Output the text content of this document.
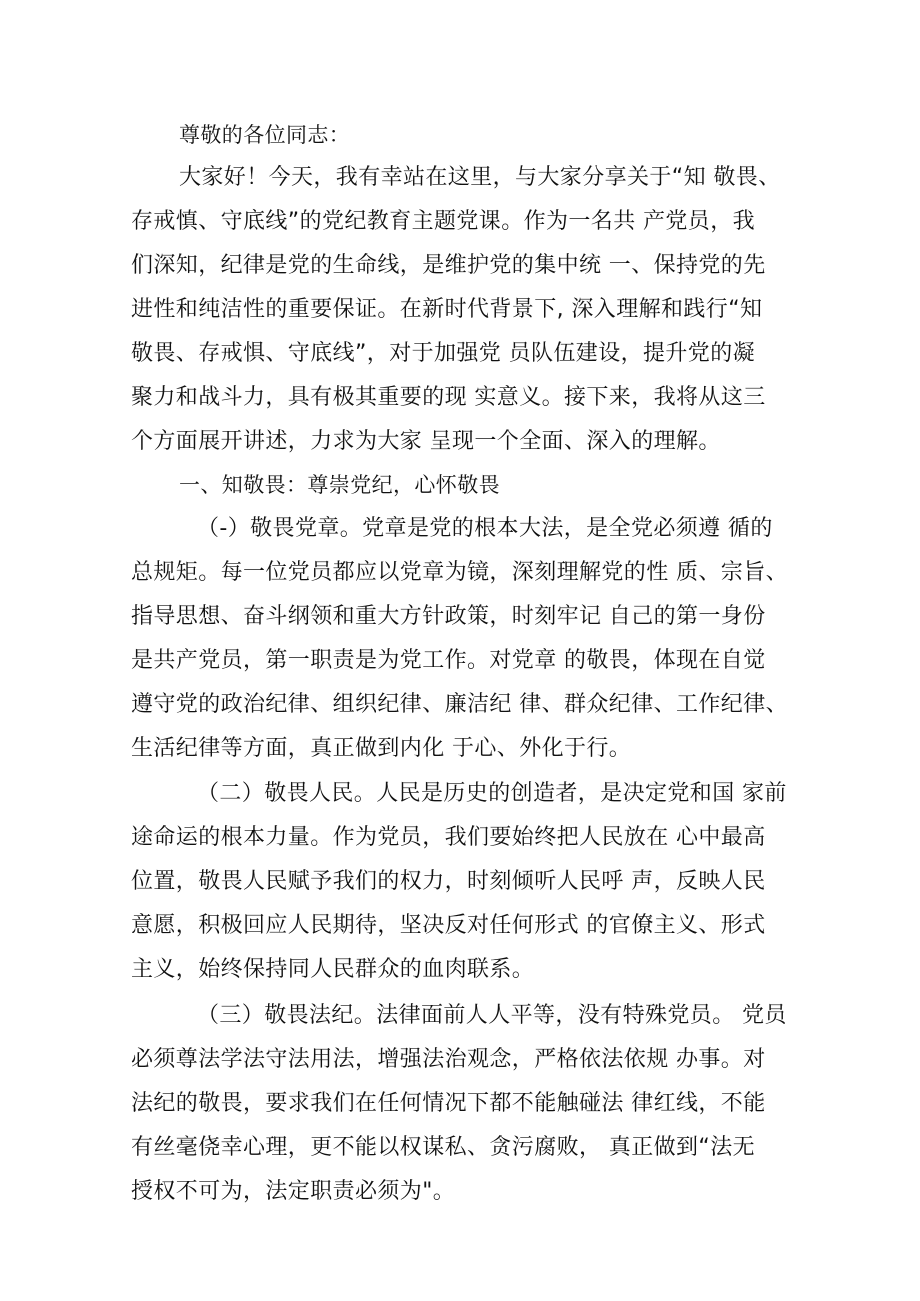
尊敬的各位同志：
大家好！今天，我有幸站在这里，与大家分享关于“知 敬畏、
存戒慎、守底线”的党纪教育主题党课。作为一名共 产党员，我
们深知，纪律是党的生命线，是维护党的集中统 一、保持党的先
进性和纯洁性的重要保证。在新时代背景下, 深入理解和践行“知
敬畏、存戒惧、守底线”，对于加强党 员队伍建设，提升党的凝
聚力和战斗力，具有极其重要的现 实意义。接下来，我将从这三
个方面展开讲述，力求为大家 呈现一个全面、深入的理解。
一、知敬畏：尊崇党纪，心怀敬畏
（-）敬畏党章。党章是党的根本大法，是全党必须遵 循的
总规矩。每一位党员都应以党章为镜，深刻理解党的性 质、宗旨、
指导思想、奋斗纲领和重大方针政策，时刻牢记 自己的第一身份
是共产党员，第一职责是为党工作。对党章 的敬畏，体现在自觉
遵守党的政治纪律、组织纪律、廉洁纪 律、群众纪律、工作纪律、
生活纪律等方面，真正做到内化 于心、外化于行。
（二）敬畏人民。人民是历史的创造者，是决定党和国 家前
途命运的根本力量。作为党员，我们要始终把人民放在 心中最高
位置，敬畏人民赋予我们的权力，时刻倾听人民呼 声，反映人民
意愿，积极回应人民期待，坚决反对任何形式 的官僚主义、形式
主义，始终保持同人民群众的血肉联系。
（三）敬畏法纪。法律面前人人平等，没有特殊党员。 党员
必须尊法学法守法用法，增强法治观念，严格依法依规 办事。对
法纪的敬畏，要求我们在任何情况下都不能触碰法 律红线，不能
有丝毫侥幸心理，更不能以权谋私、贪污腐败， 真正做到“法无
授权不可为，法定职责必须为"。
